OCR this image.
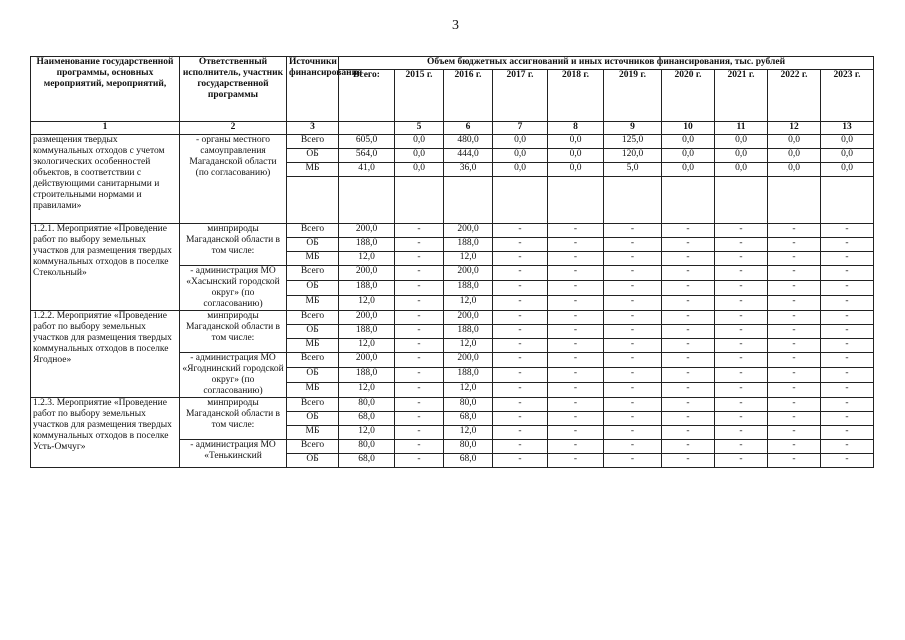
3
Наименование государственной программы, основных мероприятий, мероприятий,	Ответственный исполнитель, участник государственной программы	Источники финансирования	Объем бюджетных ассигнований и иных источников финансирования, тыс. рублей									
			Всего:	2015 г.	2016 г.	2017 г.	2018 г.	2019 г.	2020 г.	2021 г.	2022 г.	2023 г.
1	2	3		5	6	7	8	9	10	11	12	13
размещения твердых коммунальных отходов с учетом экологических особенностей объектов, в соответствии с действующими санитарными и строительными нормами и правилами»	- органы местного самоуправления Магаданской области (по согласованию)	Всего	605,0	0,0	480,0	0,0	0,0	125,0	0,0	0,0	0,0	0,0
		ОБ	564,0	0,0	444,0	0,0	0,0	120,0	0,0	0,0	0,0	0,0
		МБ	41,0	0,0	36,0	0,0	0,0	5,0	0,0	0,0	0,0	0,0

1.2.1. Мероприятие «Проведение работ по выбору земельных участков для размещения твердых коммунальных отходов в поселке Стекольный»	минприроды Магаданской области в том числе:	Всего	200,0	-	200,0	-	-	-	-	-	-	-
		ОБ	188,0	-	188,0	-	-	-	-	-	-	-
		МБ	12,0	-	12,0	-	-	-	-	-	-	-
	- администрация МО «Хасынский городской округ» (по согласованию)	Всего	200,0	-	200,0	-	-	-	-	-	-	-
		ОБ	188,0	-	188,0	-	-	-	-	-	-	-
		МБ	12,0	-	12,0	-	-	-	-	-	-	-
1.2.2. Мероприятие «Проведение работ по выбору земельных участков для размещения твердых коммунальных отходов в поселке Ягодное»	минприроды Магаданской области в том числе:	Всего	200,0	-	200,0	-	-	-	-	-	-	-
		ОБ	188,0	-	188,0	-	-	-	-	-	-	-
		МБ	12,0	-	12,0	-	-	-	-	-	-	-
	- администрация МО «Ягоднинский городской округ» (по согласованию)	Всего	200,0	-	200,0	-	-	-	-	-	-	-
		ОБ	188,0	-	188,0	-	-	-	-	-	-	-
		МБ	12,0	-	12,0	-	-	-	-	-	-	-
1.2.3. Мероприятие «Проведение работ по выбору земельных участков для размещения твердых коммунальных отходов в поселке Усть-Омчуг»	минприроды Магаданской области в том числе:	Всего	80,0	-	80,0	-	-	-	-	-	-	-
		ОБ	68,0	-	68,0	-	-	-	-	-	-	-
		МБ	12,0	-	12,0	-	-	-	-	-	-	-
	- администрация МО «Тенькинский	Всего	80,0	-	80,0	-	-	-	-	-	-	-
		ОБ	68,0	-	68,0	-	-	-	-	-	-	-
